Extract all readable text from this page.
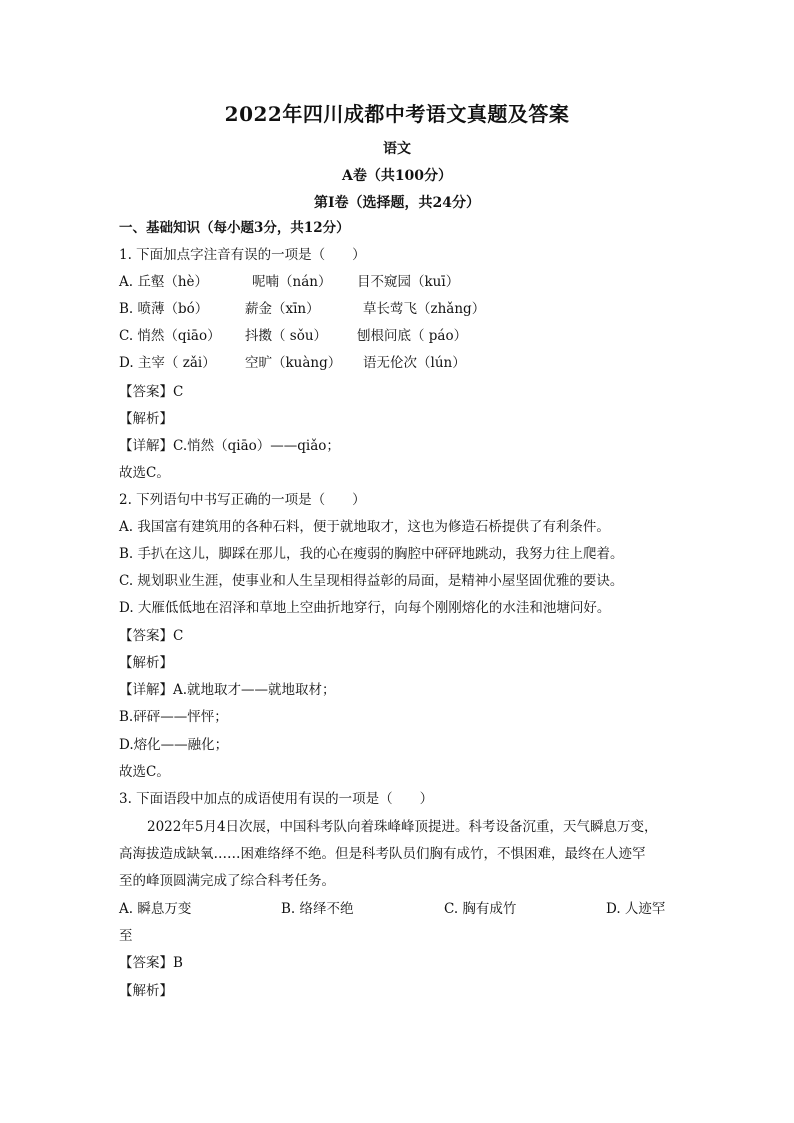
2022年四川成都中考语文真题及答案
语文
A卷（共100分）
第Ⅰ卷（选择题，共24分）
一、基础知识（每小题3分，共12分）
1. 下面加点字注音有误的一项是（　　）
A. 丘壑（hè）	呢喃（nán） 目不窥园（kuī）
B. 喷薄（bó）	薪金（xīn）	草长莺飞（zhǎng）
C. 悄然（qiāo） 抖擞（ sǒu） 刨根问底（ páo）
D. 主宰（ zǎi） 空旷（kuàng） 语无伦次（lún）
【答案】C
【解析】
【详解】C.悄然（qiāo）——qiǎo；
故选C。
2. 下列语句中书写正确的一项是（　　）
A. 我国富有建筑用的各种石料，便于就地取才，这也为修造石桥提供了有利条件。
B. 手扒在这儿，脚踩在那儿，我的心在瘦弱的胸腔中砰砰地跳动，我努力往上爬着。
C. 规划职业生涯，使事业和人生呈现相得益彰的局面，是精神小屋坚固优雅的要诀。
D. 大雁低低地在沼泽和草地上空曲折地穿行，向每个刚刚熔化的水洼和池塘问好。
【答案】C
【解析】
【详解】A.就地取才——就地取材；
B.砰砰——怦怦；
D.熔化——融化；
故选C。
3. 下面语段中加点的成语使用有误的一项是（　　）
2022年5月4日次展，中国科考队向着珠峰峰顶提进。科考设备沉重，天气瞬息万变，
高海拔造成缺氧……困难络绎不绝。但是科考队员们胸有成竹，不惧困难，最终在人迹罕
至的峰顶圆满完成了综合科考任务。
A. 瞬息万变	B. 络绎不绝	C. 胸有成竹	D. 人迹罕
至
【答案】B
【解析】
